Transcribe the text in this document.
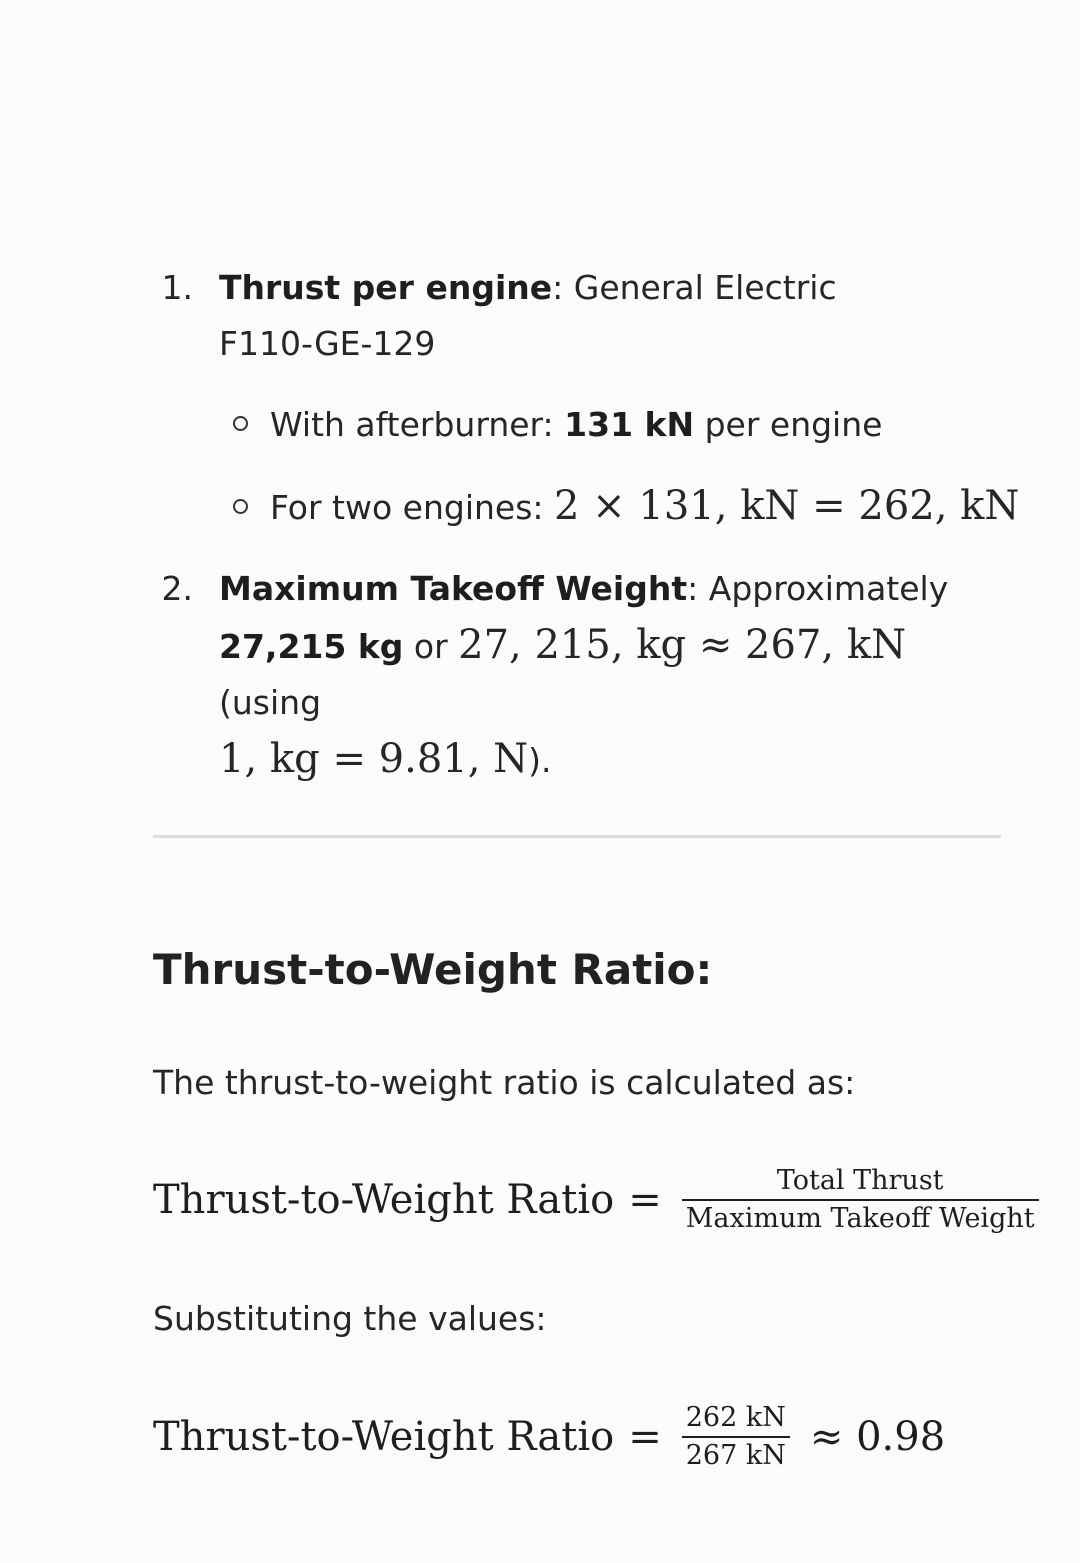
1. Thrust per engine: General Electric
F110-GE-129
With afterburner: 131 kN per engine
For two engines: 2 × 131, kN = 262, kN
2. Maximum Takeoff Weight: Approximately
27,215 kg or 27, 215, kg ≈ 267, kN (using
1, kg = 9.81, N).
Thrust-to-Weight Ratio:
The thrust-to-weight ratio is calculated as:
Thrust-to-Weight Ratio = $\frac{\text{Total Thrust}}{\text{Maximum Takeoff Weight}}$
Substituting the values:
Thrust-to-Weight Ratio = $\frac{262 kN}{267 kN} \approx 0.98$
